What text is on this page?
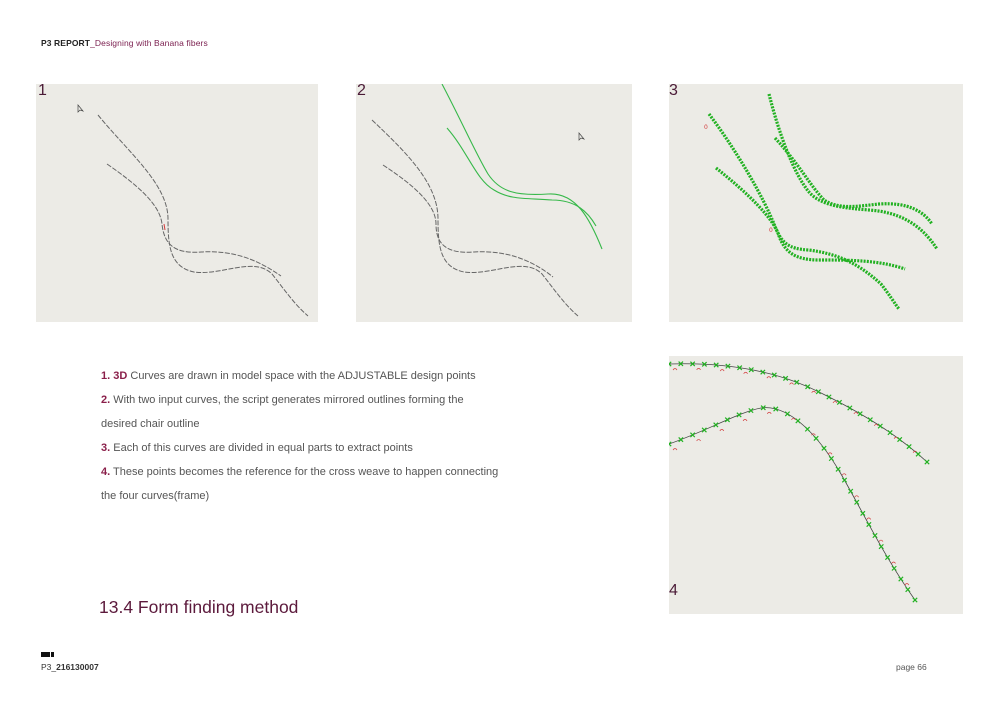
P3 REPORT_Designing with Banana fibers
1	2
0
0
3
4
1. 3D Curves are drawn in model space with the ADJUSTABLE design points
2. With two input curves, the script generates mirrored outlines forming the
desired chair outline
3. Each of this curves are divided in equal parts to extract points
4. These points becomes the reference for the cross weave to happen connecting
the four curves(frame)
13.4 Form finding method
P3_216130007	page 66
